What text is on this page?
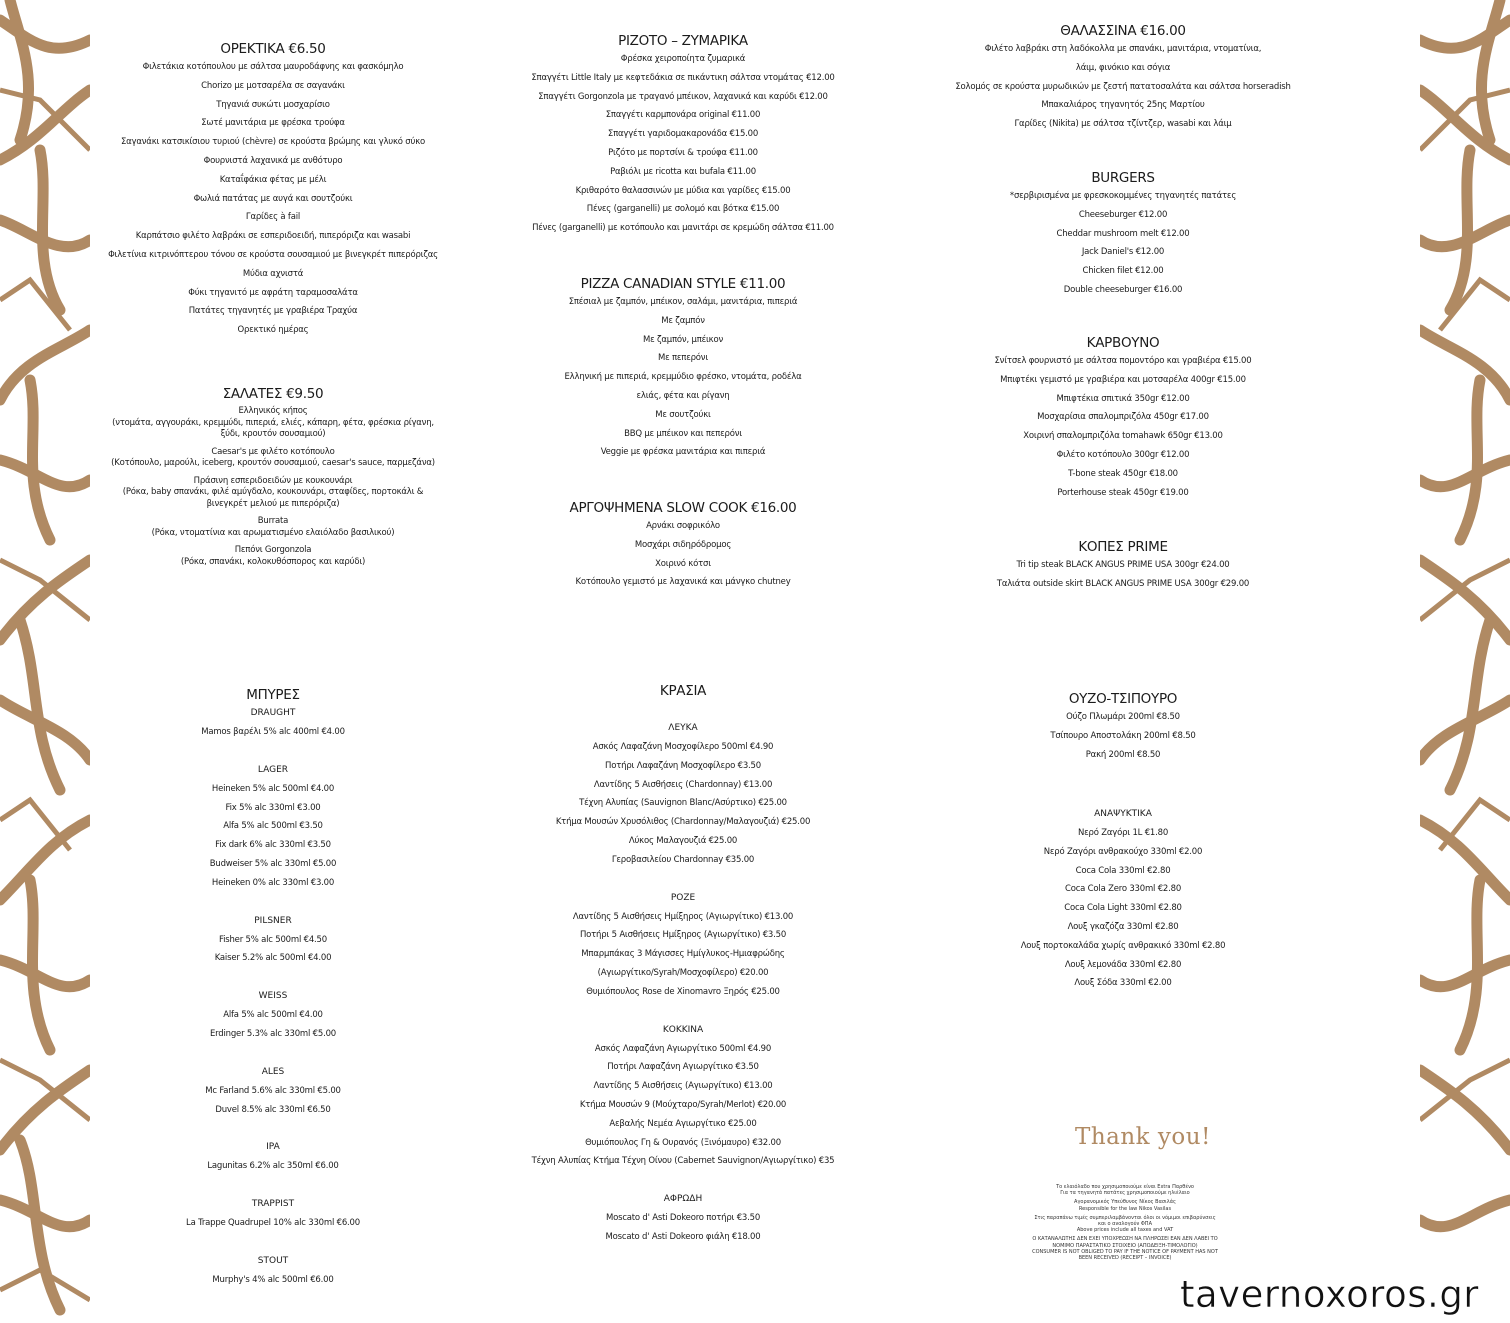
ΟΡΕΚΤΙΚΑ €6.50
Φιλετάκια κοτόπουλου με σάλτσα μαυροδάφνης και φασκόμηλο
Chorizo με μοτσαρέλα σε σαγανάκι
Τηγανιά συκώτι μοσχαρίσιο
Σωτέ μανιτάρια με φρέσκα τρούφα
Σαγανάκι κατσικίσιου τυριού (chèvre) σε κρούστα βρώμης και γλυκό σύκο
Φουρνιστά λαχανικά με ανθότυρο
Καταΐφάκια φέτας με μέλι
Φωλιά πατάτας με αυγά και σουτζούκι
Γαρίδες à fail
Καρπάτσιο φιλέτο λαβράκι σε εσπεριδοειδή, πιπερόριζα και wasabi
Φιλετίνια κιτρινόπτερου τόνου σε κρούστα σουσαμιού με βινεγκρέτ πιπερόριζας
Μύδια αχνιστά
Φύκι τηγανιτό με αφράτη ταραμοσαλάτα
Πατάτες τηγανητές με γραβιέρα Τραχύα
Ορεκτικό ημέρας
ΣΑΛΑΤΕΣ €9.50
Ελληνικός κήπος
(ντομάτα, αγγουράκι, κρεμμύδι, πιπεριά, ελιές, κάπαρη, φέτα, φρέσκια ρίγανη, ξύδι, κρουτόν σουσαμιού)
Caesar's με φιλέτο κοτόπουλο
(Κοτόπουλο, μαρούλι, iceberg, κρουτόν σουσαμιού, caesar's sauce, παρμεζάνα)
Πράσινη εσπεριδοειδών με κουκουνάρι
(Ρόκα, baby σπανάκι, φιλέ αμύγδαλο, κουκουνάρι, σταφίδες, πορτοκάλι & βινεγκρέτ μελιού με πιπερόριζα)
Burrata
(Ρόκα, ντοματίνια και αρωματισμένο ελαιόλαδο βασιλικού)
Πεπόνι Gorgonzola
(Ρόκα, σπανάκι, κολοκυθόσπορος και καρύδι)
ΜΠΥΡΕΣ
DRAUGHT
Mamos βαρέλι 5% alc 400ml €4.00
LAGER
Heineken 5% alc 500ml €4.00
Fix 5% alc 330ml €3.00
Alfa 5% alc 500ml €3.50
Fix dark 6% alc 330ml €3.50
Budweiser 5% alc 330ml €5.00
Heineken 0% alc 330ml €3.00
PILSNER
Fisher 5% alc 500ml €4.50
Kaiser 5.2% alc 500ml €4.00
WEISS
Alfa 5% alc 500ml €4.00
Erdinger 5.3% alc 330ml €5.00
ALES
Mc Farland 5.6% alc 330ml €5.00
Duvel 8.5% alc 330ml €6.50
IPA
Lagunitas 6.2% alc 350ml €6.00
TRAPPIST
La Trappe Quadrupel 10% alc 330ml €6.00
STOUT
Murphy's 4% alc 500ml €6.00
ΡΙΖΟΤΟ – ΖΥΜΑΡΙΚΑ
Φρέσκα χειροποίητα ζυμαρικά
Σπαγγέτι Little Italy με κεφτεδάκια σε πικάντικη σάλτσα ντομάτας €12.00
Σπαγγέτι Gorgonzola με τραγανό μπέικον, λαχανικά και καρύδι €12.00
Σπαγγέτι καρμπονάρα original €11.00
Σπαγγέτι γαριδομακαρονάδα €15.00
Ριζότο με πορτσίνι & τρούφα €11.00
Ραβιόλι με ricotta και bufala €11.00
Κριθαρότο θαλασσινών με μύδια και γαρίδες €15.00
Πένες (garganelli) με σολομό και βότκα €15.00
Πένες (garganelli) με κοτόπουλο και μανιτάρι σε κρεμώδη σάλτσα €11.00
PIZZA CANADIAN STYLE €11.00
Σπέσιαλ με ζαμπόν, μπέικον, σαλάμι, μανιτάρια, πιπεριά
Με ζαμπόν
Με ζαμπόν, μπέικον
Με πεπερόνι
Ελληνική με πιπεριά, κρεμμύδιο φρέσκο, ντομάτα, ροδέλα
ελιάς, φέτα και ρίγανη
Με σουτζούκι
BBQ με μπέικον και πεπερόνι
Veggie με φρέσκα μανιτάρια και πιπεριά
ΑΡΓΟΨΗΜΕΝΑ SLOW COOK €16.00
Αρνάκι σοφρικόλο
Μοσχάρι σιδηρόδρομος
Χοιρινό κότσι
Κοτόπουλο γεμιστό με λαχανικά και μάνγκο chutney
ΚΡΑΣΙΑ
ΛΕΥΚΑ
Ασκός Λαφαζάνη Μοσχοφίλερο 500ml €4.90
Ποτήρι Λαφαζάνη Μοσχοφίλερο €3.50
Λαντίδης 5 Αισθήσεις (Chardonnay) €13.00
Τέχνη Αλυπίας (Sauvignon Blanc/Ασύρτικο) €25.00
Κτήμα Μουσών Χρυσόλιθος (Chardonnay/Μαλαγουζιά) €25.00
Λύκος Μαλαγουζιά €25.00
Γεροβασιλείου Chardonnay €35.00
ΡΟΖΕ
Λαντίδης 5 Αισθήσεις Ημίξηρος (Αγιωργίτικο) €13.00
Ποτήρι 5 Αισθήσεις Ημίξηρος (Αγιωργίτικο) €3.50
Μπαρμπάκας 3 Μάγισσες Ημίγλυκος-Ημιαφρώδης
(Αγιωργίτικο/Syrah/Μοσχοφίλερο) €20.00
Θυμιόπουλος Rose de Xinomavro Ξηρός €25.00
ΚΟΚΚΙΝΑ
Ασκός Λαφαζάνη Αγιωργίτικο 500ml €4.90
Ποτήρι Λαφαζάνη Αγιωργίτικο €3.50
Λαντίδης 5 Αισθήσεις (Αγιωργίτικο) €13.00
Κτήμα Μουσών 9 (Μούχταρο/Syrah/Merlot) €20.00
Αεβαλής Νεμέα Αγιωργίτικο €25.00
Θυμιόπουλος Γη & Ουρανός (Ξινόμαυρο) €32.00
Τέχνη Αλυπίας Κτήμα Τέχνη Οίνου (Cabernet Sauvignon/Αγιωργίτικο) €35
ΑΦΡΩΔΗ
Moscato d' Asti Dokeoro ποτήρι €3.50
Moscato d' Asti Dokeoro φιάλη €18.00
ΘΑΛΑΣΣΙΝΑ €16.00
Φιλέτο λαβράκι στη λαδόκολλα με σπανάκι, μανιτάρια, ντοματίνια,
λάιμ, φινόκιο και σόγια
Σολομός σε κρούστα μυρωδικών με ζεστή πατατοσαλάτα και σάλτσα horseradish
Μπακαλιάρος τηγανητός 25ης Μαρτίου
Γαρίδες (Nikita) με σάλτσα τζίντζερ, wasabi και λάιμ
BURGERS
*σερβιρισμένα με φρεσκοκομμένες τηγανητές πατάτες
Cheeseburger €12.00
Cheddar mushroom melt €12.00
Jack Daniel's €12.00
Chicken filet €12.00
Double cheeseburger €16.00
ΚΑΡΒΟΥΝΟ
Σνίτσελ φουρνιστό με σάλτσα ποµοντόρο και γραβιέρα €15.00
Μπιφτέκι γεμιστό με γραβιέρα και μοτσαρέλα 400gr €15.00
Μπιφτέκια σπιτικά 350gr €12.00
Μοσχαρίσια σπαλομπριζόλα 450gr €17.00
Χοιρινή σπαλομπριζόλα tomahawk 650gr €13.00
Φιλέτο κοτόπουλο 300gr €12.00
T-bone steak 450gr €18.00
Porterhouse steak 450gr €19.00
ΚΟΠΕΣ PRIME
Tri tip steak BLACK ANGUS PRIME USA 300gr €24.00
Ταλιάτα outside skirt BLACK ANGUS PRIME USA 300gr €29.00
ΟΥΖΟ-ΤΣΙΠΟΥΡΟ
Ούζο Πλωμάρι 200ml €8.50
Τσίπουρο Αποστολάκη 200ml €8.50
Ρακή 200ml €8.50
ΑΝΑΨΥΚΤΙΚΑ
Νερό Ζαγόρι 1L €1.80
Νερό Ζαγόρι ανθρακούχο 330ml €2.00
Coca Cola 330ml €2.80
Coca Cola Zero 330ml €2.80
Coca Cola Light 330ml €2.80
Λουξ γκαζόζα 330ml €2.80
Λουξ πορτοκαλάδα χωρίς ανθρακικό 330ml €2.80
Λουξ λεμονάδα 330ml €2.80
Λουξ Σόδα 330ml €2.00
Thank you!

Το ελαιόλαδο που χρησιμοποιούμε είναι Extra Παρθένο
Για τα τηγανητά πατάτες χρησιμοποιούμε ηλιέλαιο

Αγορανομικός Υπεύθυνος Νίκος Βασιλάς
Responsible for the law Nikos Vasilas

Στις παραπάνω τιμές συμπεριλαμβάνονται όλοι οι νόμιμοι επιβαρύνσεις και ο αναλογούν ΦΠΑ
Above prices include all taxes and VAT

Ο ΚΑΤΑΝΑΛΩΤΗΣ ΔΕΝ ΕΧΕΙ ΥΠΟΧΡΕΩΣΗ ΝΑ ΠΛΗΡΩΣΕΙ ΕΑΝ ΔΕΝ ΛΑΒΕΙ ΤΟ ΝΟΜΙΜΟ ΠΑΡΑΣΤΑΤΙΚΟ ΣΤΟΙΧΕΙΟ (ΑΠΟΔΕΙΞΗ-ΤΙΜΟΛΟΓΙΟ)
CONSUMER IS NOT OBLIGED TO PAY IF THE NOTICE OF PAYMENT HAS NOT BEEN RECEIVED (RECEIPT – INVOICE)

tavernoxoros.gr
